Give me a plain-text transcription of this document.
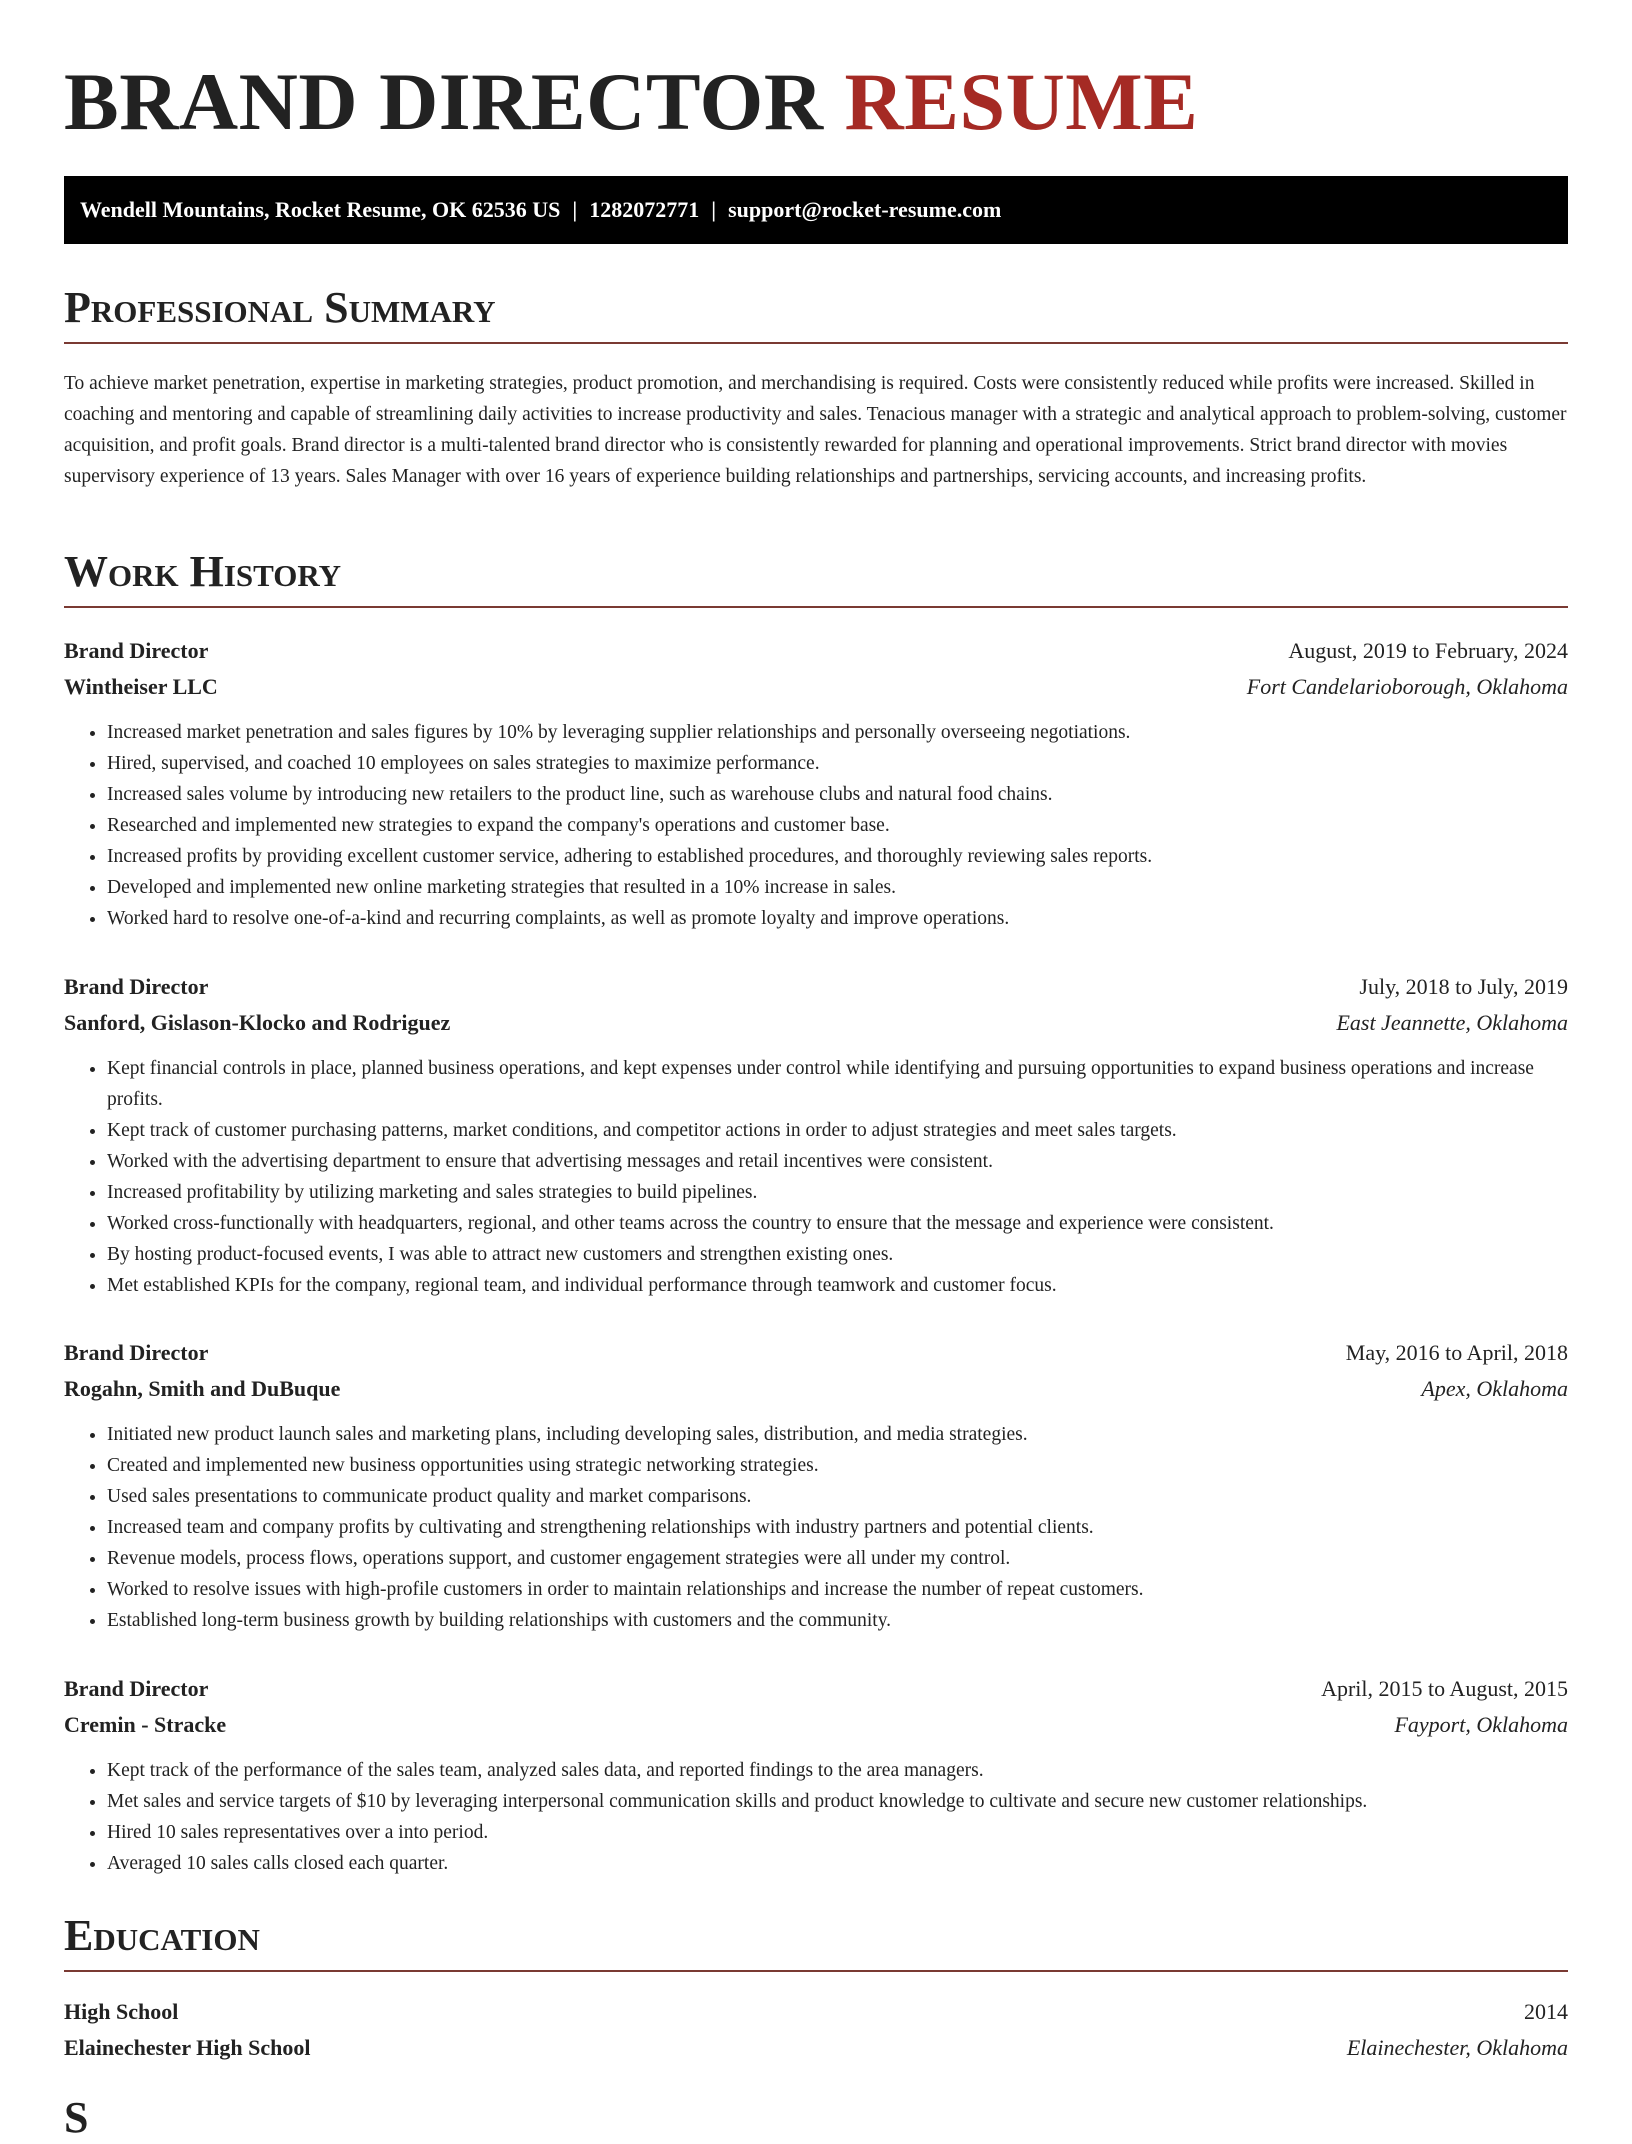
BRAND DIRECTOR RESUME
Wendell Mountains, Rocket Resume, OK 62536 US | 1282072771 | support@rocket-resume.com
Professional Summary

To achieve market penetration, expertise in marketing strategies, product promotion, and merchandising is required. Costs were consistently reduced while profits were increased. Skilled in coaching and mentoring and capable of streamlining daily activities to increase productivity and sales. Tenacious manager with a strategic and analytical approach to problem-solving, customer acquisition, and profit goals. Brand director is a multi-talented brand director who is consistently rewarded for planning and operational improvements. Strict brand director with movies supervisory experience of 13 years. Sales Manager with over 16 years of experience building relationships and partnerships, servicing accounts, and increasing profits.

Work History
Brand Director	August, 2019 to February, 2024
Wintheiser LLC	Fort Candelarioborough, Oklahoma
• Increased market penetration and sales figures by 10% by leveraging supplier relationships and personally overseeing negotiations.
• Hired, supervised, and coached 10 employees on sales strategies to maximize performance.
• Increased sales volume by introducing new retailers to the product line, such as warehouse clubs and natural food chains.
• Researched and implemented new strategies to expand the company's operations and customer base.
• Increased profits by providing excellent customer service, adhering to established procedures, and thoroughly reviewing sales reports.
• Developed and implemented new online marketing strategies that resulted in a 10% increase in sales.
• Worked hard to resolve one-of-a-kind and recurring complaints, as well as promote loyalty and improve operations.
Brand Director	July, 2018 to July, 2019
Sanford, Gislason-Klocko and Rodriguez	East Jeannette, Oklahoma
• Kept financial controls in place, planned business operations, and kept expenses under control while identifying and pursuing opportunities to expand business operations and increase profits.
• Kept track of customer purchasing patterns, market conditions, and competitor actions in order to adjust strategies and meet sales targets.
• Worked with the advertising department to ensure that advertising messages and retail incentives were consistent.
• Increased profitability by utilizing marketing and sales strategies to build pipelines.
• Worked cross-functionally with headquarters, regional, and other teams across the country to ensure that the message and experience were consistent.
• By hosting product-focused events, I was able to attract new customers and strengthen existing ones.
• Met established KPIs for the company, regional team, and individual performance through teamwork and customer focus.
Brand Director	May, 2016 to April, 2018
Rogahn, Smith and DuBuque	Apex, Oklahoma
• Initiated new product launch sales and marketing plans, including developing sales, distribution, and media strategies.
• Created and implemented new business opportunities using strategic networking strategies.
• Used sales presentations to communicate product quality and market comparisons.
• Increased team and company profits by cultivating and strengthening relationships with industry partners and potential clients.
• Revenue models, process flows, operations support, and customer engagement strategies were all under my control.
• Worked to resolve issues with high-profile customers in order to maintain relationships and increase the number of repeat customers.
• Established long-term business growth by building relationships with customers and the community.
Brand Director	April, 2015 to August, 2015
Cremin - Stracke	Fayport, Oklahoma
• Kept track of the performance of the sales team, analyzed sales data, and reported findings to the area managers.
• Met sales and service targets of $10 by leveraging interpersonal communication skills and product knowledge to cultivate and secure new customer relationships.
• Hired 10 sales representatives over a into period.
• Averaged 10 sales calls closed each quarter.
Education
High School	2014
Elainechester High School	Elainechester, Oklahoma
S
